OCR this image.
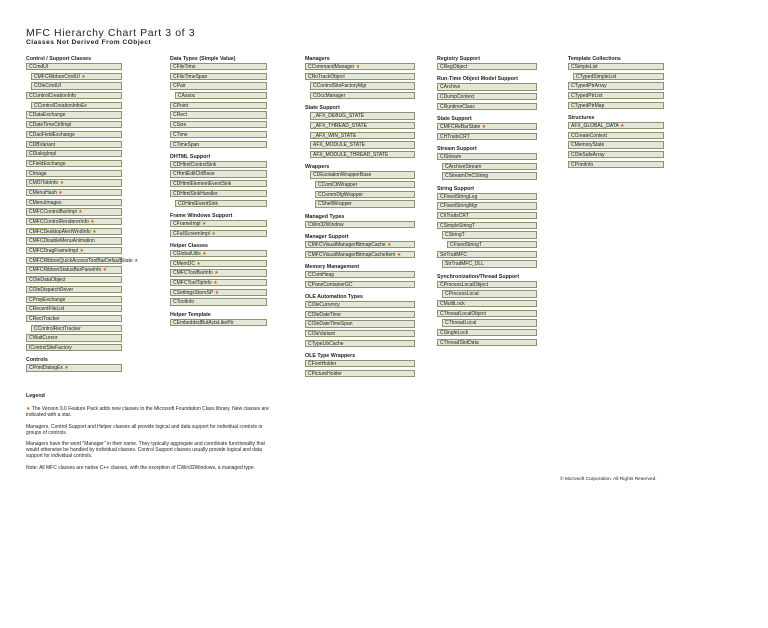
MFC Hierarchy Chart Part 3 of 3
Classes Not Derived From CObject
Control / Support Classes
CCmdUI
CMFCRibbonCmdUI ★
COleCmdUI
CControlCreationInfo
CControlCreationInfoEx
CDataExchange
CDateTimeCtrlImpl
CDaoFieldExchange
CDBVariant
CDialogImpl
CFieldExchange
CImage
CMDITabInfo ★
CMenuHash ★
CMenuImages
CMFCControlBarImpl ★
CMFCControlRendererInfo ★
CMFCDesktopAlertWndInfo ★
CMFCDisableMenuAnimation
CMFCDragFrameImpl ★
CMFCRibbonQuickAccessToolBarDefaultState ★
CMFCRibbonStatusBarPaneInfo ★
COleDataObject
COleDispatchDriver
CPropExchange
CRecentFileList
CRectTracker
CControlRectTracker
CWaitCursor
IControlSiteFactory
Controls
CPrintDialogEx ★
Data Types (Simple Value)
CFileTime
CFileTimeSpan
CPair
CAssoc
CPoint
CRect
CSize
CTime
CTimeSpan
DHTML Support
CDHtmlControlSink
CHtmlEditCtrlBase
CDHtmlElementEventSink
CDHtmlSinkHandler
CDHtmlEventSink
Frame Windows Support
CFrameImpl ★
CFullScreenImpl ★
Helper Classes
CGlobalUtils ★
CMemDC ★
CMFCToolBarInfo ★
CMFCToolTipInfo ★
CSettingsStoreSP ★
CToolInfo
Helper Template
CEmbeddedButActsLikePtr
Managers
CCommandManager ★
CNoTrackObject
CControlSiteFactoryMgr
COccManager
State Support
_AFX_DEBUG_STATE
_AFX_THREAD_STATE
_AFX_WIN_STATE
AFX_MODULE_STATE
AFX_MODULE_THREAD_STATE
Wrappers
CDEsolationWrapperBase
CComCtlWrapper
CCommDlgWrapper
CShellWrapper
Managed Types
CWin32Window
Manager Support
CMFCVisualManagerBitmapCache ★
CMFCVisualManagerBitmapCacheItem ★
Memory Management
CComHeap
CPaneContainerGC
OLE Automation Types
COleCurrency
COleDateTime
COleDateTimeSpan
COleVariant
CTypeLibCache
OLE Type Wrappers
CFontHolder
CPictureHolder
Registry Support
CRegObject
Run-Time Object Model Support
CArchive
CDumpContext
CRuntimeClass
State Support
CMFCReBarState ★
CHTraitsCRT
Stream Support
CIStream
CArchiveStream
CStreamOnCString
String Support
CFixedStringLog
CFixedStringMgr
ChTraitsCRT
CSimpleStringT
CStringT
CFixedStringT
StrTraitMFC
StrTraitMFC_DLL
Synchronization/Thread Support
CProcessLocalObject
CProcessLocal
CMultiLock
CThreadLocalObject
CThreadLocal
CSingleLock
CThreadSlotData
Template Collections
CSimpleList
CTypedSimpleList
CTypedPtrArray
CTypedPtrList
CTypedPtrMap
Structures
AFX_GLOBAL_DATA ★
CCreateContext
CMemoryState
COleSafeArray
CPrintInfo
Legend

★ The Version 9.0 Feature Pack adds new classes to the Microsoft Foundation Class library. New classes are indicated with a star.

Managers, Control Support and Helper classes all provide logical and data support for individual controls or groups of controls.

Managers have the word "Manager" in their name. They typically aggregate and coordinate functionality that would otherwise be handled by individual classes. Control Support classes usually provide logical and data support for individual controls.

Note: All MFC classes are native C++ classes, with the exception of CWin32Windows, a managed type.

© Microsoft Corporation. All Rights Reserved.
